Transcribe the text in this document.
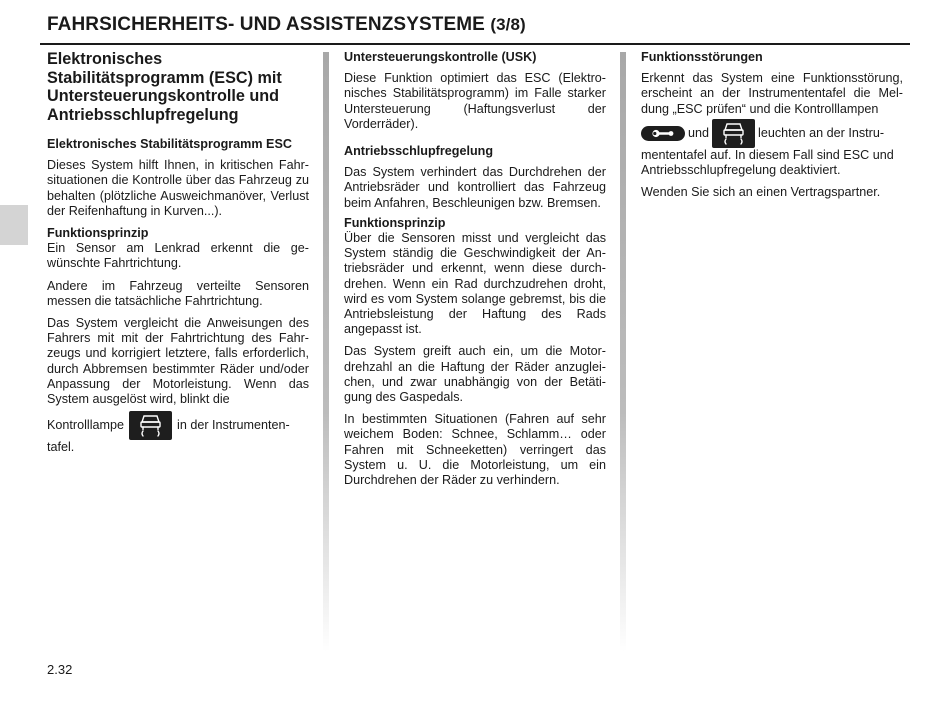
FAHRSICHERHEITS- UND ASSISTENZSYSTEME (3/8)
Elektronisches Stabilitätsprogramm (ESC) mit Untersteuerungskontrolle und Antriebsschlupfregelung
Elektronisches Stabilitätsprogramm ESC

Dieses System hilft Ihnen, in kritischen Fahrsituationen die Kontrolle über das Fahrzeug zu behalten (plötzliche Ausweichmanöver, Verlust der Reifenhaftung in Kurven...).

Funktionsprinzip

Ein Sensor am Lenkrad erkennt die gewünschte Fahrtrichtung.

Andere im Fahrzeug verteilte Sensoren messen die tatsächliche Fahrtrichtung.

Das System vergleicht die Anweisungen des Fahrers mit mit der Fahrtrichtung des Fahrzeugs und korrigiert letztere, falls erforderlich, durch Abbremsen bestimmter Räder und/oder Anpassung der Motorleistung. Wenn das System ausgelöst wird, blinkt die

Kontrolllampe	in der Instrumententafel.

Untersteuerungskontrolle (USK)

Diese Funktion optimiert das ESC (Elektronisches Stabilitätsprogramm) im Falle starker Untersteuerung (Haftungsverlust der Vorderräder).

Antriebsschlupfregelung

Das System verhindert das Durchdrehen der Antriebsräder und kontrolliert das Fahrzeug beim Anfahren, Beschleunigen bzw. Bremsen.

Funktionsprinzip

Über die Sensoren misst und vergleicht das System ständig die Geschwindigkeit der Antriebsräder und erkennt, wenn diese durchdrehen. Wenn ein Rad durchzudrehen droht, wird es vom System solange gebremst, bis die Antriebsleistung der Haftung des Rads angepasst ist.

Das System greift auch ein, um die Motordrehzahl an die Haftung der Räder anzugleichen, und zwar unabhängig von der Betätigung des Gaspedals.

In bestimmten Situationen (Fahren auf sehr weichem Boden: Schnee, Schlamm… oder Fahren mit Schneeketten) verringert das System u. U. die Motorleistung, um ein Durchdrehen der Räder zu verhindern.

Funktionsstörungen

Erkennt das System eine Funktionsstörung, erscheint an der Instrumententafel die Meldung „ESC prüfen“ und die Kontrolllampen

und	leuchten an der Instrumententafel auf. In diesem Fall sind ESC und Antriebsschlupfregelung deaktiviert.

Wenden Sie sich an einen Vertragspartner.

2.32
